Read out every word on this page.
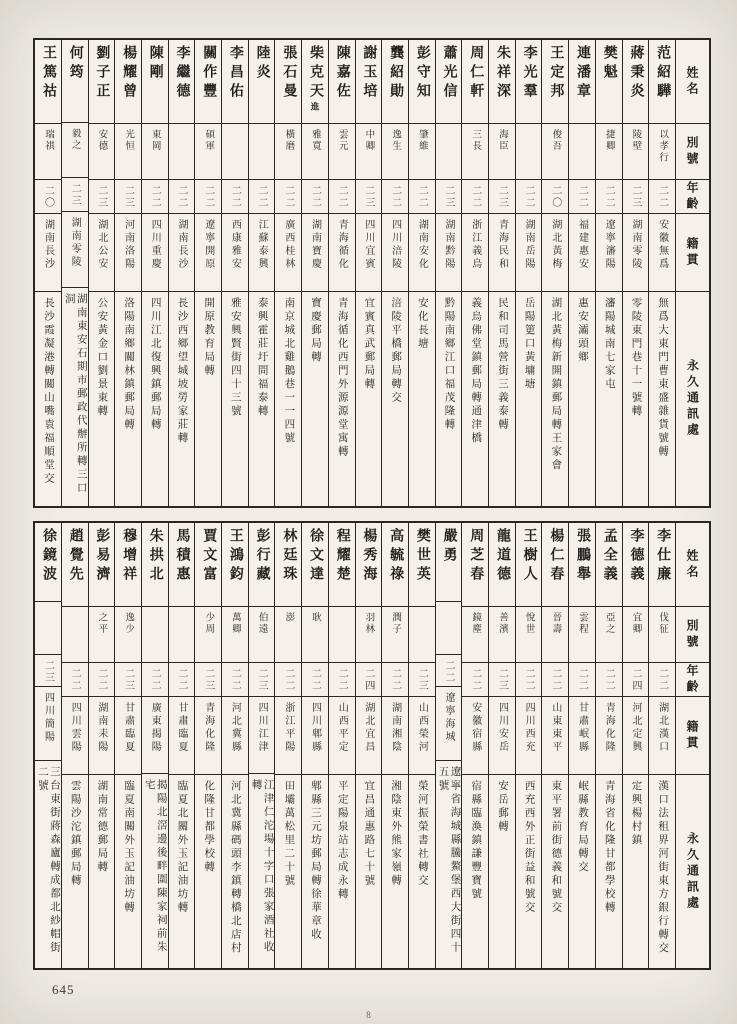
姓名
別號
年齡
籍貫
永久通訊處
范紹驊
以孝行
二二
安徽無爲
無爲大東門曹東盛雜貨號轉
蔣秉炎
陵壁
二三
湖南零陵
零陵東門巷十一號轉
樊魁
捷卿
二二
遼寧瀋陽
瀋陽城南七家屯
連潘章
二二
福建惠安
惠安灞頭鄉
王定邦
俊吾
二〇
湖北黃梅
湖北黃梅新開鎮郵局轉王家會
李光羣
二二
湖南岳陽
岳陽筻口黃墉塘
朱祥深
海臣
二三
青海民和
民和司馬營街三義泰轉
周仁軒
三長
二二
浙江義烏
義烏佛堂鎮郵局轉通津橋
蕭光信
二三
湖南黔陽
黔陽南鄉江口福茂隆轉
彭守知
肇維
二二
湖南安化
安化長塘
龔紹勛
逸生
二二
四川涪陵
涪陵平橋郵局轉交
謝玉培
中卿
二三
四川宜賓
宜賓真武郵局轉
陳嘉佐
雲元
二二
青海循化
青海循化西門外源源堂寓轉
柴克天進
雅寬
二二
湖南寶慶
寶慶郵局轉
張石曼
橫磨
二二
廣西桂林
南京城北雞鵝巷一一四號
陸炎
二二
江蘇泰興
泰興霍莊圩問福泰轉
李昌佑
二二
西康雅安
雅安興賢街四十三號
關作豐
碩軍
二二
遼寧開原
開原教育局轉
李繼德
二二
湖南長沙
長沙西鄉望城坡勞家莊轉
陳剛
東岡
二二
四川重慶
四川江北復興鎮郵局轉
楊耀曾
光恒
二三
河南洛陽
洛陽南鄉關林鎮郵局轉
劉子正
安德
二三
湖北公安
公安黃金口劉景東轉
何筠
毅之
二三
湖南零陵
湖南東安石期市郵政代辦所轉三口洞
王篤祜
瑞祺
二〇
湖南長沙
長沙霞凝港轉關山嘴袁福順堂交
姓名
別號
年齡
籍貫
永久通訊處
李仕廉
伐征
二二
湖北漢口
漢口法租界河街東方銀行轉交
李德義
宜卿
二四
河北定興
定興楊村鎮
孟全義
亞之
二二
青海化隆
青海省化隆甘都學校轉
張鵬舉
雲程
二二
甘肅岷縣
岷縣教育局轉交
楊仁春
晉壽
二二
山東東平
東平署前街德義和號交
王樹人
悅世
二二
四川西充
西充西外正街益和號交
龍道德
善濱
二三
四川安岳
安岳郵轉
周芝春
鏡塵
二二
安徽宿縣
宿縣臨渙鎮謙豐寶號
嚴勇
二二
遼寧海城
遼寧省海城縣騰鰲堡西大街四十五號
樊世英
二三
山西榮河
榮河振榮書社轉交
高毓祿
潤子
二二
湖南湘陰
湘陰東外熊家嶺轉
楊秀海
羽林
二四
湖北宜昌
宜昌通惠路七十號
程耀楚
二二
山西平定
平定陽泉站志成永轉
徐文達
耿
二二
四川郫縣
郫縣三元坊郵局轉徐華章收
林廷珠
澎
二二
浙江平陽
田壩萬松里二十號
彭行藏
伯遠
二三
四川江津
江津仁沱場十字口張家酒社收轉
王鴻鈞
萬卿
二二
河北冀縣
河北冀縣碼頭李鎮轉橋北店村
賈文富
少周
二三
青海化隆
化隆甘都學校轉
馬積惠
二二
甘肅臨夏
臨夏北關外玉記油坊轉
朱拱北
二二
廣東揭陽
揭陽北滘邊後畔圍陳家祠前朱宅
穆增祥
逸少
二三
甘肅臨夏
臨夏南關外玉記油坊轉
彭易濟
之平
二二
湖南耒陽
湖南常德郵局轉
趙覺先
二二
四川雲陽
雲陽沙沱鎮郵局轉
徐鏡波
二三
四川簡陽
三台東街蔣森廬轉成都北紗帽街二號
645
8
